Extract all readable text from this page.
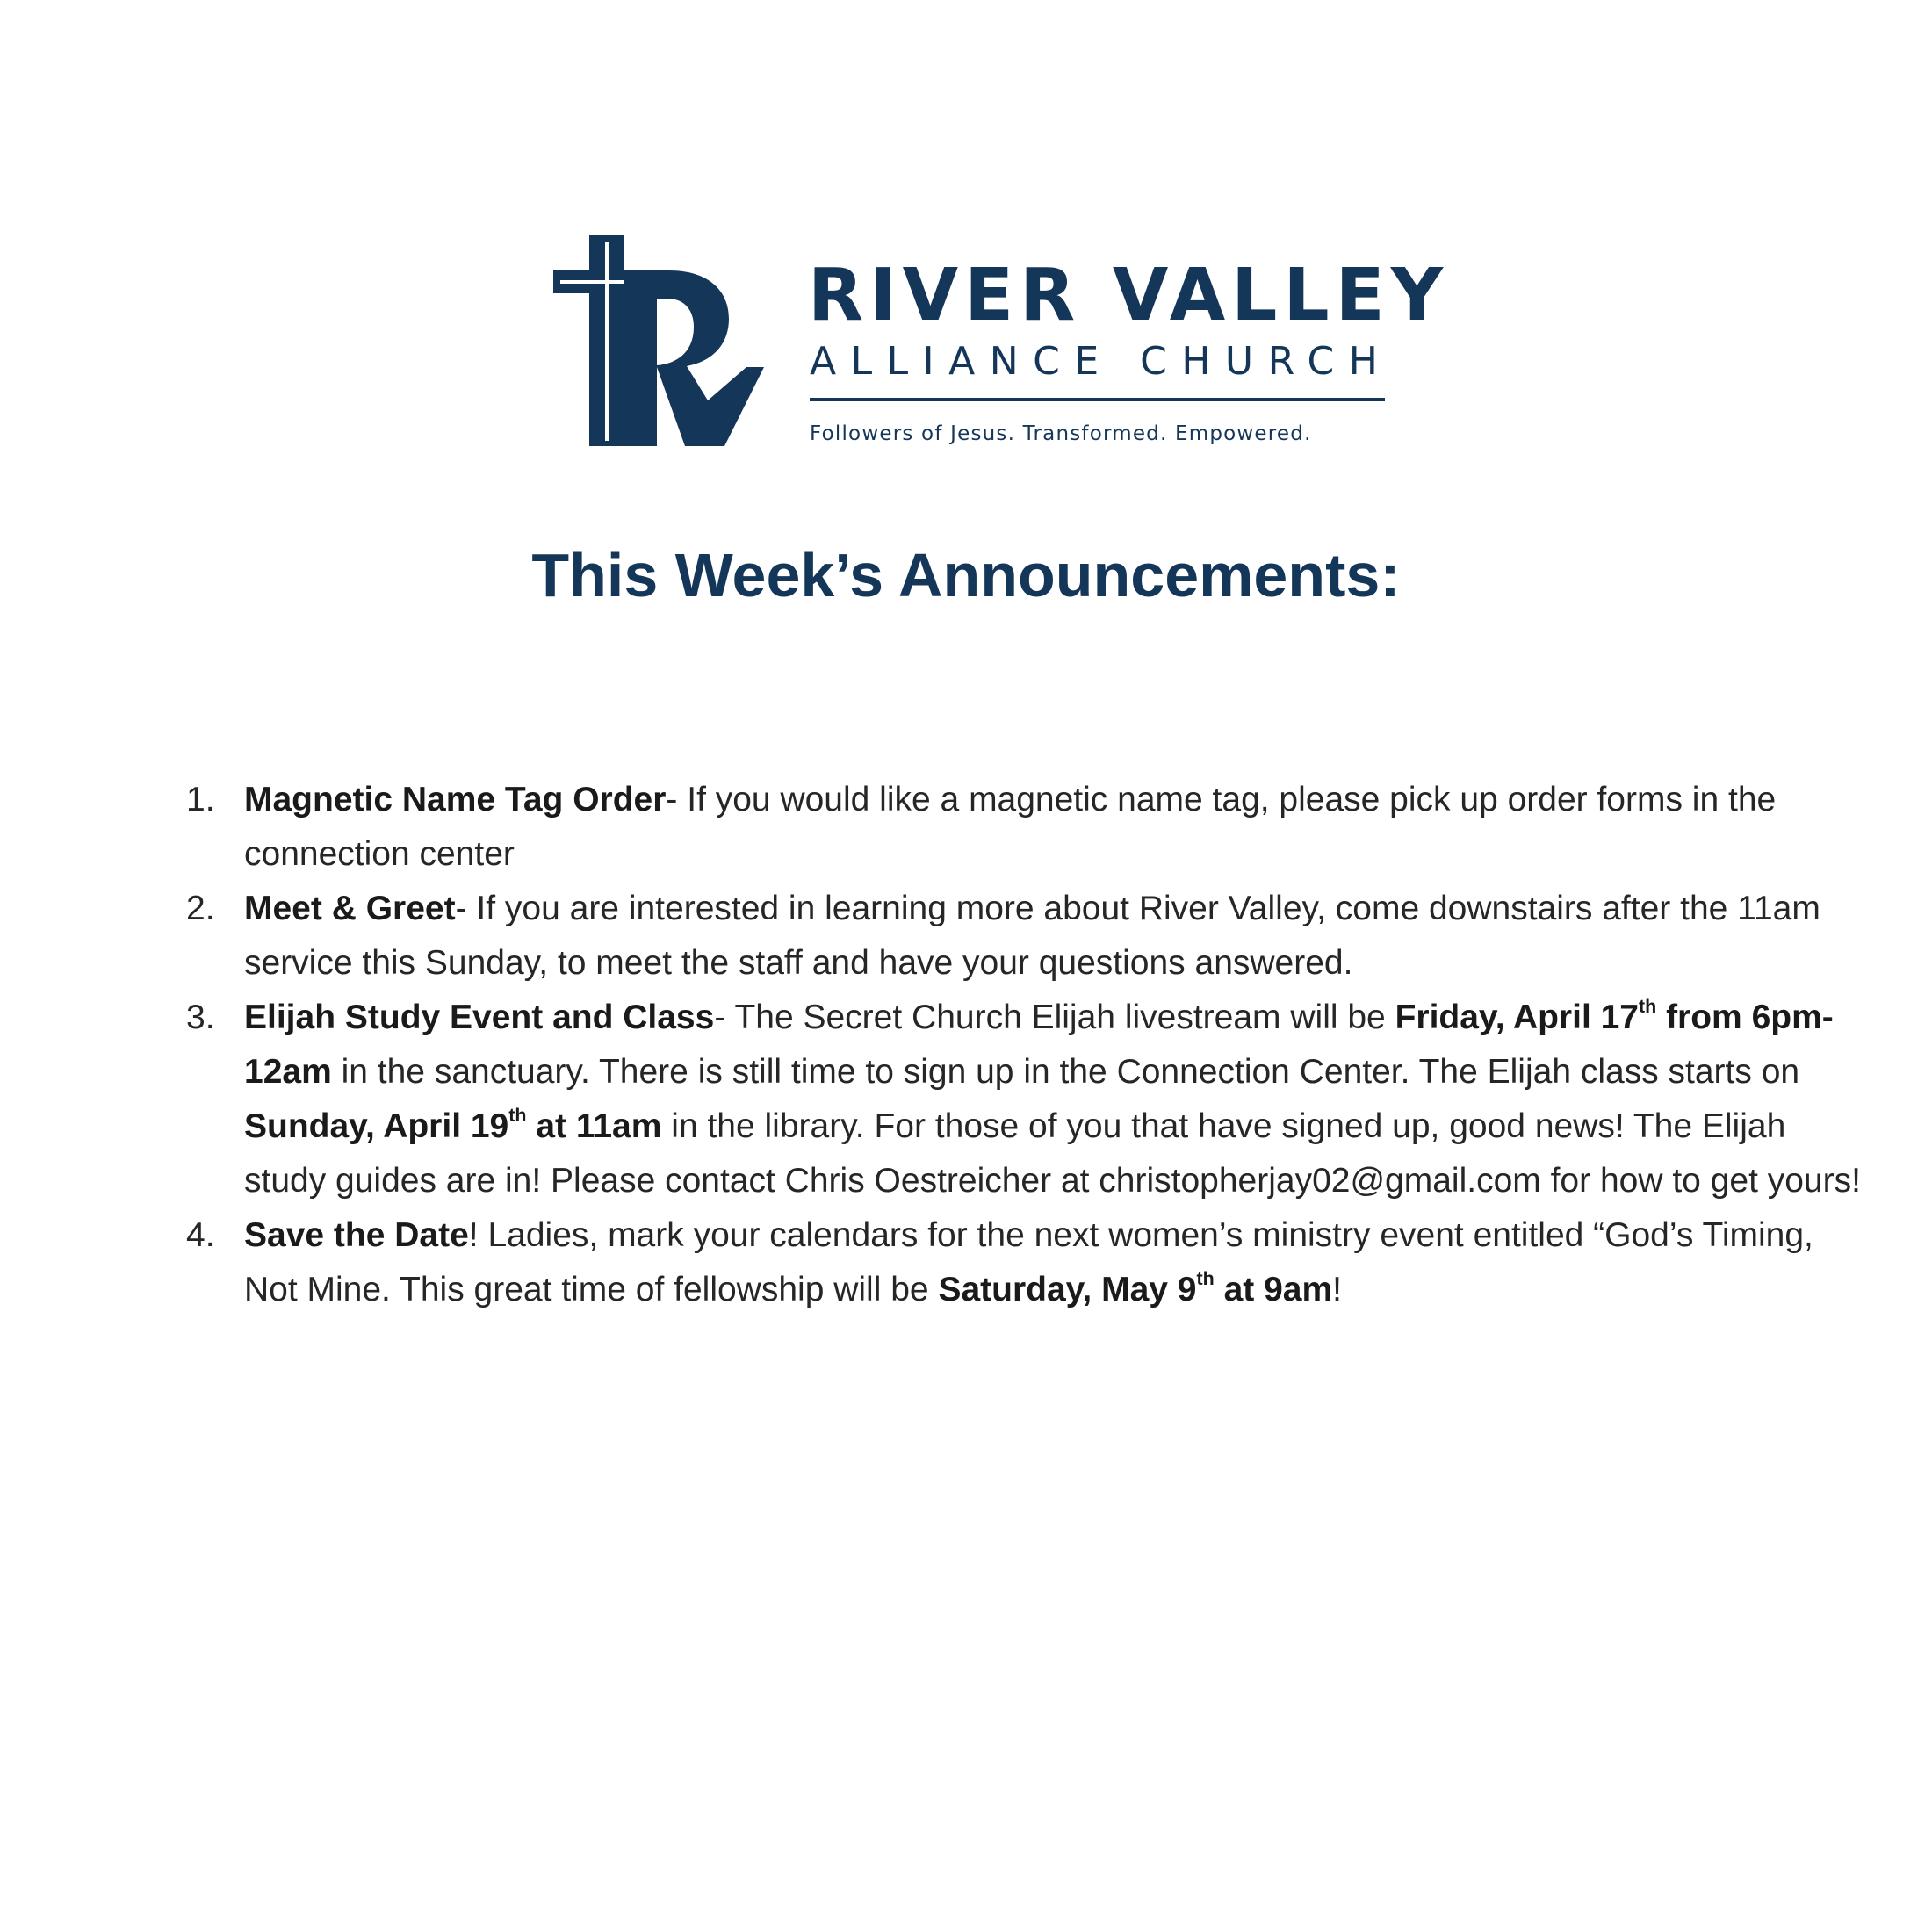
RIVER VALLEY
ALLIANCE CHURCH
Followers of Jesus. Transformed. Empowered.
This Week’s Announcements:
1. Magnetic Name Tag Order- If you would like a magnetic name tag, please pick up order forms in the connection center
2. Meet & Greet- If you are interested in learning more about River Valley, come downstairs after the 11am service this Sunday, to meet the staff and have your questions answered.
3. Elijah Study Event and Class- The Secret Church Elijah livestream will be Friday, April 17th from 6pm-12am in the sanctuary. There is still time to sign up in the Connection Center. The Elijah class starts on Sunday, April 19th at 11am in the library. For those of you that have signed up, good news! The Elijah study guides are in! Please contact Chris Oestreicher at christopherjay02@gmail.com for how to get yours!
4. Save the Date! Ladies, mark your calendars for the next women’s ministry event entitled “God’s Timing, Not Mine. This great time of fellowship will be Saturday, May 9th at 9am!
